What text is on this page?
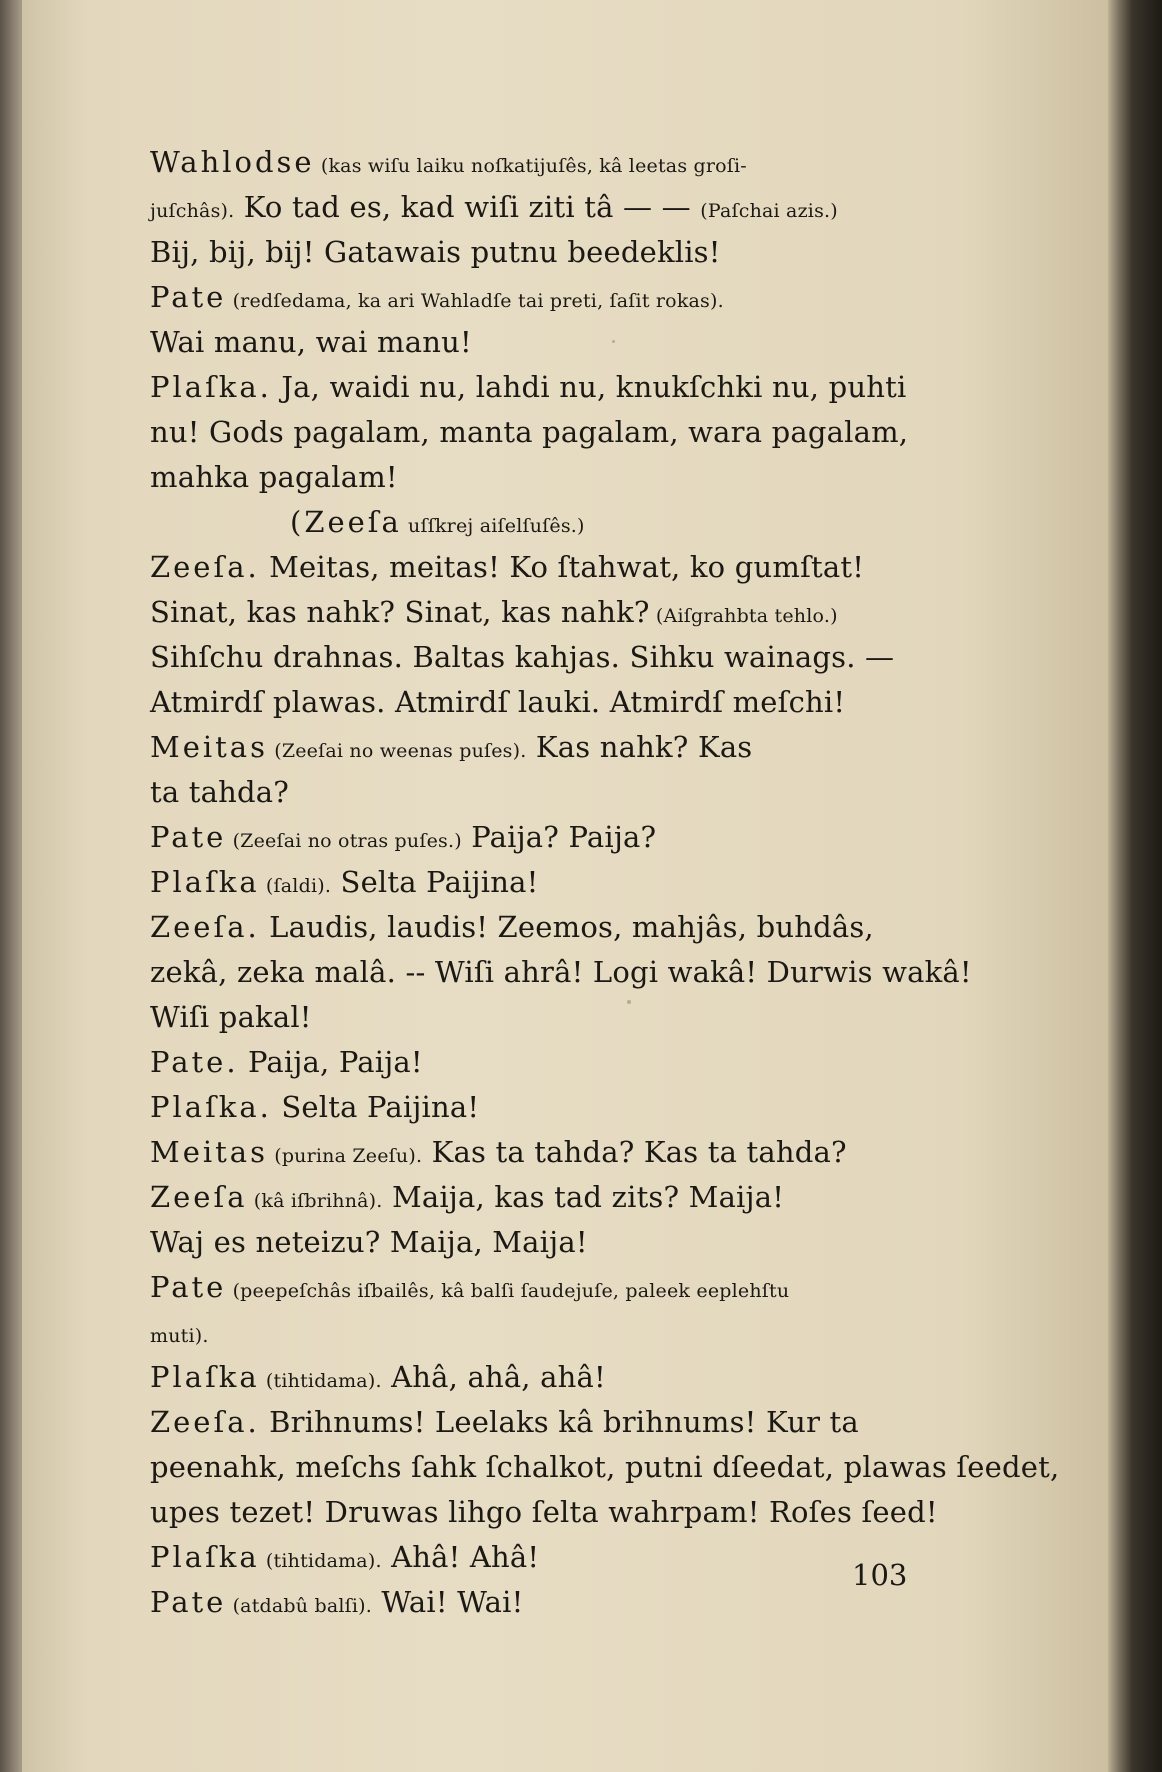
Wahlodse (kas wiſu laiku noſkatijuſês, kâ leetas groſi-
juſchâs). Ko tad es, kad wiſi ziti tâ — — (Paſchai azis.)
Bij, bij, bij! Gatawais putnu beedeklis!
Pate (redſedama, ka ari Wahladſe tai preti, ſaſit rokas).
Wai manu, wai manu!
Plaſka. Ja, waidi nu, lahdi nu, knukſchki nu, puhti
nu! Gods pagalam, manta pagalam, wara pagalam,
mahka pagalam!
(Zeeſa uſſkrej aiſelſuſês.)
Zeeſa. Meitas, meitas! Ko ſtahwat, ko gumſtat!
Sinat, kas nahk? Sinat, kas nahk? (Aiſgrahbta tehlo.)
Sihſchu drahnas. Baltas kahjas. Sihku wainags. —
Atmirdſ plawas. Atmirdſ lauki. Atmirdſ meſchi!
Meitas (Zeeſai no weenas puſes). Kas nahk? Kas
ta tahda?
Pate (Zeeſai no otras puſes.) Paija? Paija?
Plaſka (ſaldi). Selta Paijina!
Zeeſa. Laudis, laudis! Zeemos, mahjâs, buhdâs,
zekâ, zeka malâ. -- Wiſi ahrâ! Logi wakâ! Durwis wakâ!
Wiſi pakal!
Pate. Paija, Paija!
Plaſka. Selta Paijina!
Meitas (purina Zeeſu). Kas ta tahda? Kas ta tahda?
Zeeſa (kâ iſbrihnâ). Maija, kas tad zits? Maija!
Waj es neteizu? Maija, Maija!
Pate (peepeſchâs iſbailês, kâ balſi ſaudejuſe, paleek eeplehſtu
muti).
Plaſka (tihtidama). Ahâ, ahâ, ahâ!
Zeeſa. Brihnums! Leelaks kâ brihnums! Kur ta
peenahk, meſchs ſahk ſchalkot, putni dſeedat, plawas ſeedet,
upes tezet! Druwas lihgo ſelta wahrpam! Roſes ſeed!
Plaſka (tihtidama). Ahâ! Ahâ!
Pate (atdabû balſi). Wai! Wai!
103
